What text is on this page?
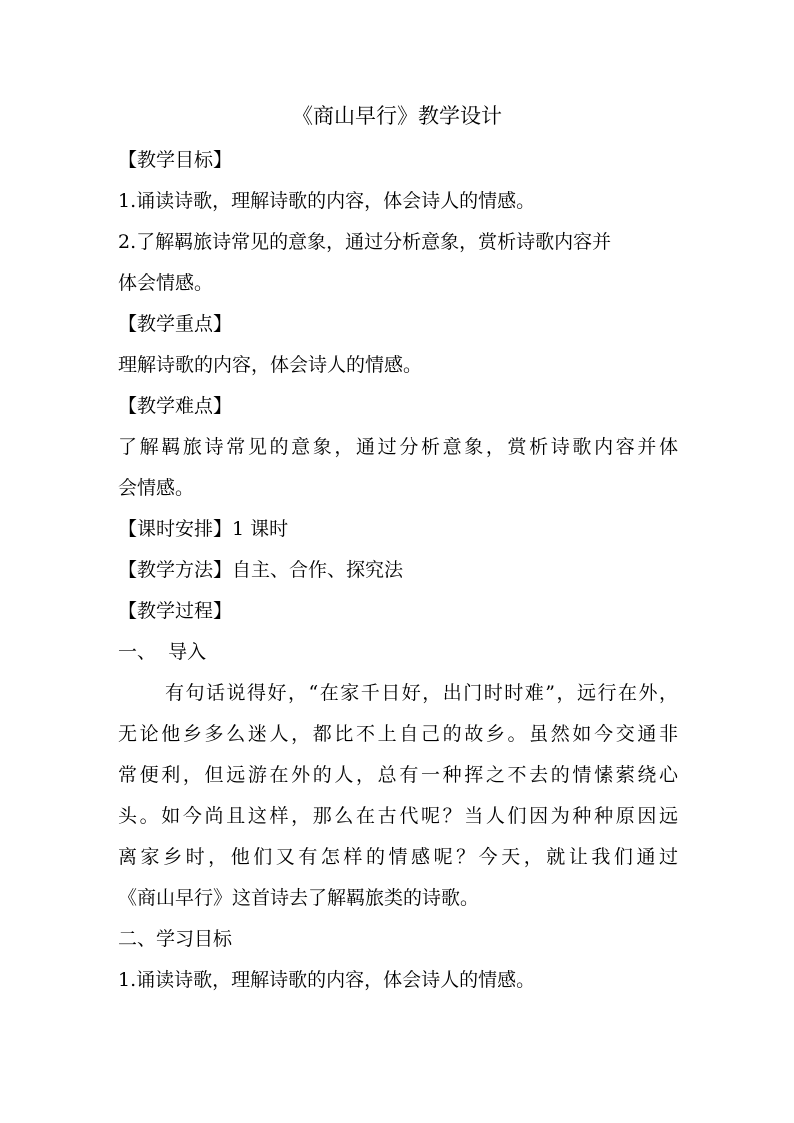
《商山早行》教学设计
【教学目标】
1.诵读诗歌，理解诗歌的内容，体会诗人的情感。
2.了解羁旅诗常见的意象，通过分析意象，赏析诗歌内容并
体会情感。
【教学重点】
理解诗歌的内容，体会诗人的情感。
【教学难点】
了解羁旅诗常见的意象，通过分析意象，赏析诗歌内容并体
会情感。
【课时安排】1 课时
【教学方法】自主、合作、探究法
【教学过程】
一、  导入
有句话说得好，“在家千日好，出门时时难”，远行在外，
无论他乡多么迷人，都比不上自己的故乡。虽然如今交通非
常便利，但远游在外的人，总有一种挥之不去的情愫萦绕心
头。如今尚且这样，那么在古代呢？当人们因为种种原因远
离家乡时，他们又有怎样的情感呢？今天，就让我们通过
《商山早行》这首诗去了解羁旅类的诗歌。
二、学习目标
1.诵读诗歌，理解诗歌的内容，体会诗人的情感。
